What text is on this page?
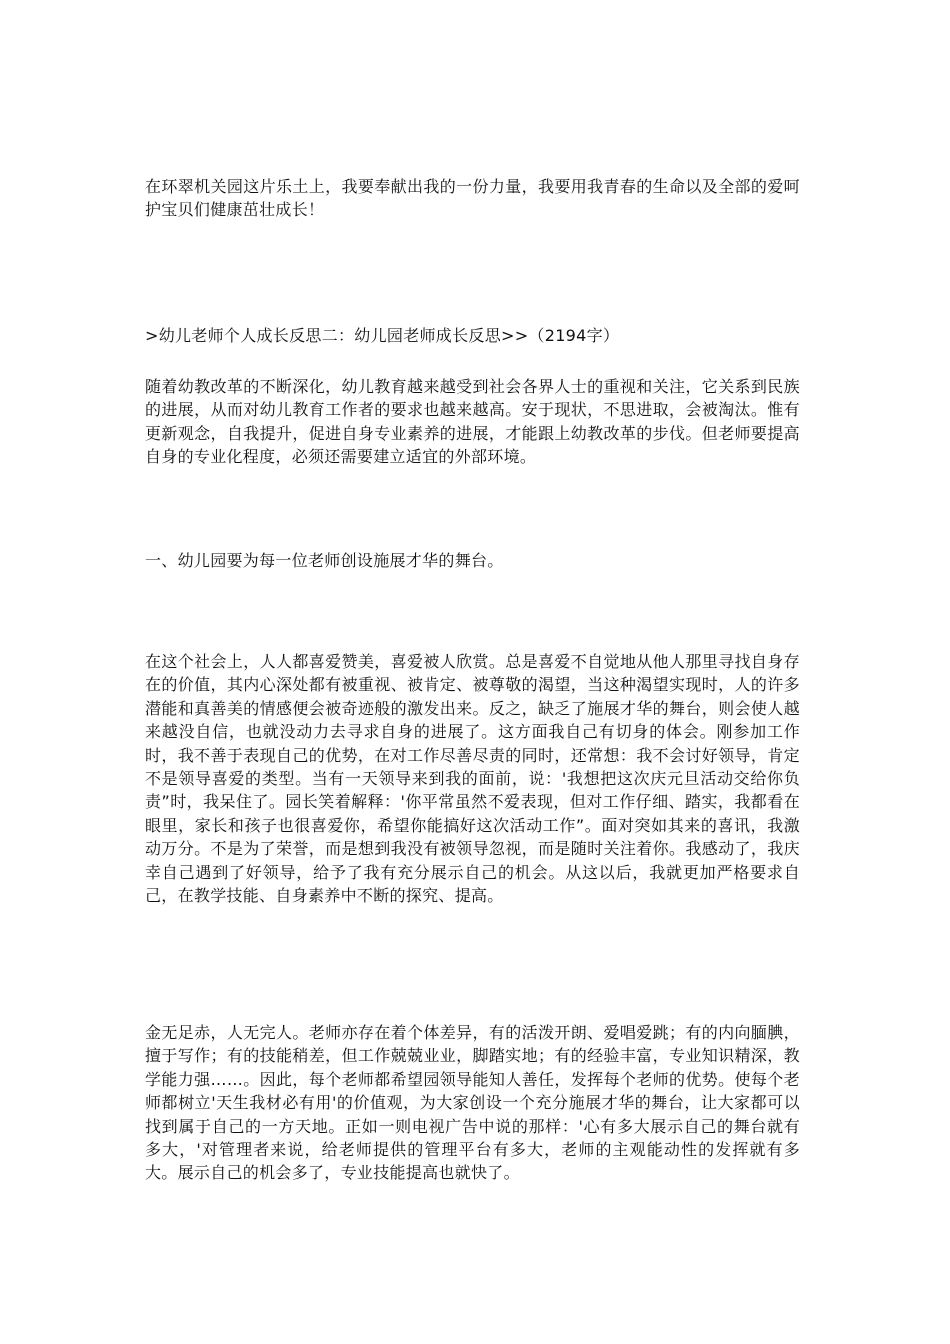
在环翠机关园这片乐土上，我要奉献出我的一份力量，我要用我青春的生命以及全部的爱呵护宝贝们健康茁壮成长！

>幼儿老师个人成长反思二：幼儿园老师成长反思>>（2194字）

随着幼教改革的不断深化，幼儿教育越来越受到社会各界人士的重视和关注，它关系到民族的进展，从而对幼儿教育工作者的要求也越来越高。安于现状，不思进取，会被淘汰。惟有更新观念，自我提升，促进自身专业素养的进展，才能跟上幼教改革的步伐。但老师要提高自身的专业化程度，必须还需要建立适宜的外部环境。

一、幼儿园要为每一位老师创设施展才华的舞台。

在这个社会上，人人都喜爱赞美，喜爱被人欣赏。总是喜爱不自觉地从他人那里寻找自身存在的价值，其内心深处都有被重视、被肯定、被尊敬的渴望，当这种渴望实现时，人的许多潜能和真善美的情感便会被奇迹般的激发出来。反之，缺乏了施展才华的舞台，则会使人越来越没自信，也就没动力去寻求自身的进展了。这方面我自己有切身的体会。刚参加工作时，我不善于表现自己的优势，在对工作尽善尽责的同时，还常想：我不会讨好领导，肯定不是领导喜爱的类型。当有一天领导来到我的面前，说：'我想把这次庆元旦活动交给你负责”时，我呆住了。园长笑着解释：'你平常虽然不爱表现，但对工作仔细、踏实，我都看在眼里，家长和孩子也很喜爱你，希望你能搞好这次活动工作”。面对突如其来的喜讯，我激动万分。不是为了荣誉，而是想到我没有被领导忽视，而是随时关注着你。我感动了，我庆幸自己遇到了好领导，给予了我有充分展示自己的机会。从这以后，我就更加严格要求自己，在教学技能、自身素养中不断的探究、提高。

金无足赤，人无完人。老师亦存在着个体差异，有的活泼开朗、爱唱爱跳；有的内向腼腆，擅于写作；有的技能稍差，但工作兢兢业业，脚踏实地；有的经验丰富，专业知识精深，教学能力强……。因此，每个老师都希望园领导能知人善任，发挥每个老师的优势。使每个老师都树立'天生我材必有用'的价值观，为大家创设一个充分施展才华的舞台，让大家都可以找到属于自己的一方天地。正如一则电视广告中说的那样：'心有多大展示自己的舞台就有多大，'对管理者来说，给老师提供的管理平台有多大，老师的主观能动性的发挥就有多大。展示自己的机会多了，专业技能提高也就快了。
